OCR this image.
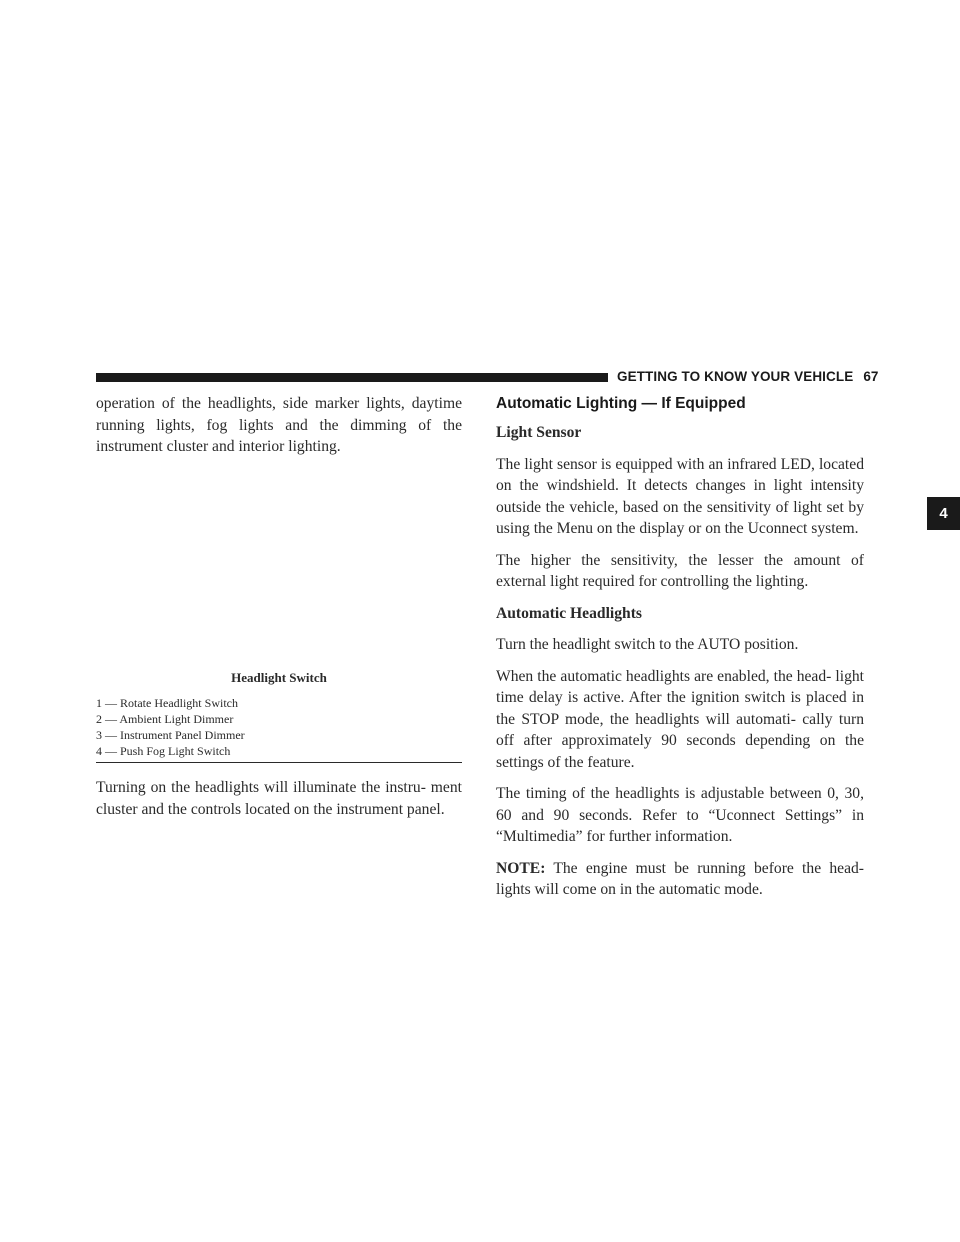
GETTING TO KNOW YOUR VEHICLE 67
4

operation of the headlights, side marker lights, daytime running lights, fog lights and the dimming of the instrument cluster and interior lighting.

Headlight Switch
1 — Rotate Headlight Switch
2 — Ambient Light Dimmer
3 — Instrument Panel Dimmer
4 — Push Fog Light Switch

Turning on the headlights will illuminate the instru- ment cluster and the controls located on the instrument panel.

Automatic Lighting — If Equipped

Light Sensor

The light sensor is equipped with an infrared LED, located on the windshield. It detects changes in light intensity outside the vehicle, based on the sensitivity of light set by using the Menu on the display or on the Uconnect system.

The higher the sensitivity, the lesser the amount of external light required for controlling the lighting.

Automatic Headlights

Turn the headlight switch to the AUTO position.

When the automatic headlights are enabled, the head- light time delay is active. After the ignition switch is placed in the STOP mode, the headlights will automati- cally turn off after approximately 90 seconds depending on the settings of the feature.

The timing of the headlights is adjustable between 0, 30, 60 and 90 seconds. Refer to “Uconnect Settings” in “Multimedia” for further information.

NOTE: The engine must be running before the head- lights will come on in the automatic mode.
